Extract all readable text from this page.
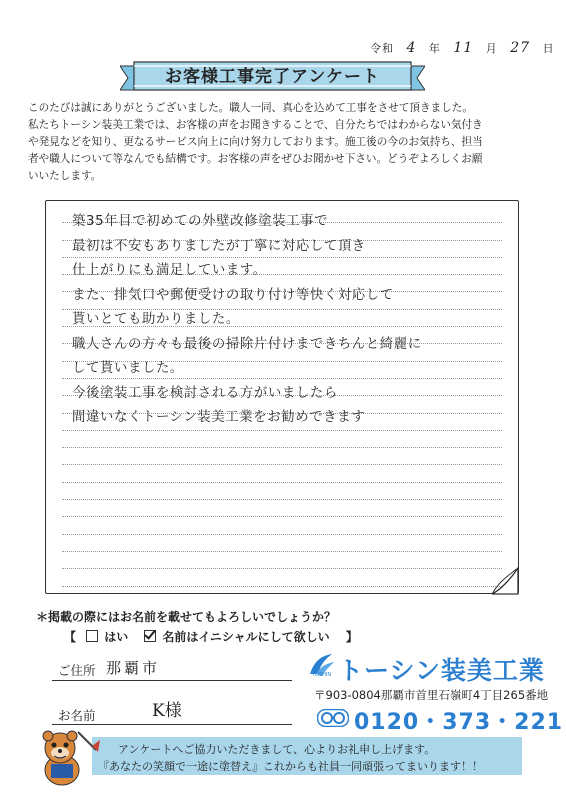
令和 4 年 11 月 27 日
お客様工事完了アンケート

このたびは誠にありがとうございました。職人一同、真心を込めて工事をさせて頂きました。

私たちトーシン装美工業では、お客様の声をお聞きすることで、自分たちではわからない気付き

や発見などを知り、更なるサービス向上に向け努力しております。施工後の今のお気持ち、担当

者や職人について等なんでも結構です。お客様の声をぜひお聞かせ下さい。どうぞよろしくお願

いいたします。

築35年目で初めての外壁改修塗装工事で
最初は不安もありましたが丁寧に対応して頂き
仕上がりにも満足しています。
また、排気口や郵便受けの取り付け等快く対応して
貰いとても助かりました。
職人さんの方々も最後の掃除片付けまできちんと綺麗に
して貰いました。
今後塗装工事を検討される方がいましたら
間違いなくトーシン装美工業をお勧めできます
＊掲載の際にはお名前を載せてもよろしいでしょうか？
【 はい	名前はイニシャルにして欲しい 】
ご住所 那覇市
お名前	K様
TOSHIN トーシン装美工業
〒903-0804那覇市首里石嶺町4丁目265番地
0120・373・221
アンケートへご協力いただきまして、心よりお礼申し上げます。
『あなたの笑顔で一途に塗替え』これからも社員一同頑張ってまいります！！
